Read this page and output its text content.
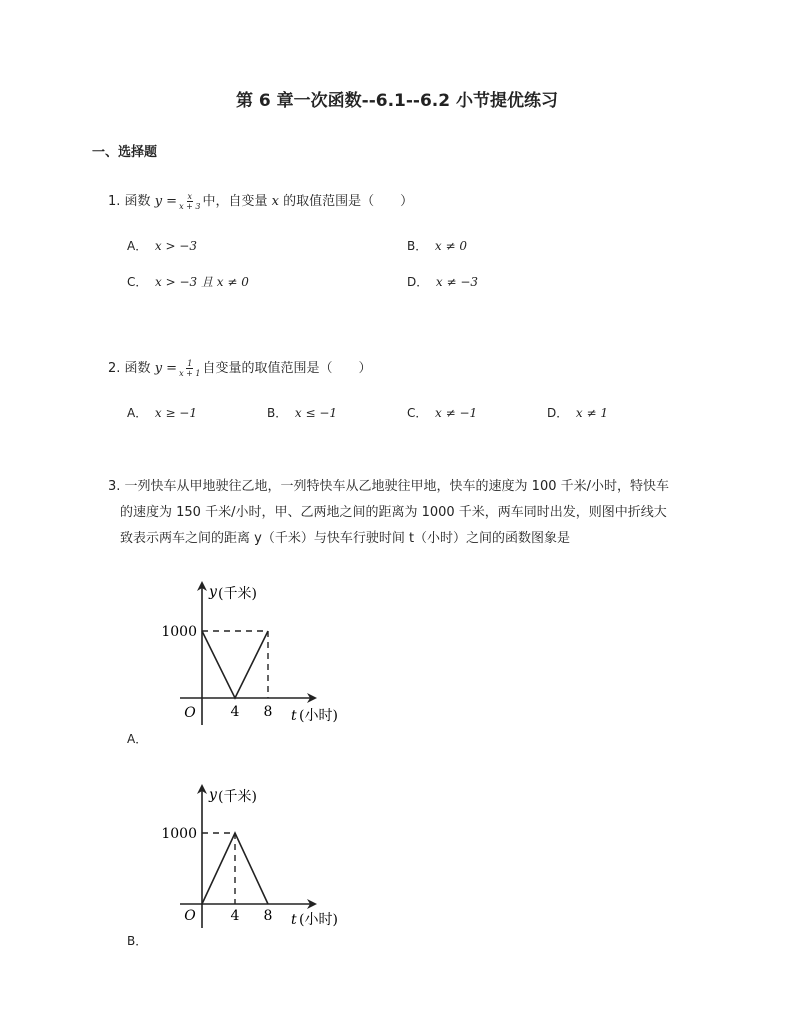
第 6 章一次函数--6.1--6.2 小节提优练习
一、选择题
1. 函数 $y = \frac{x}{x + 3}$ 中，自变量 x 的取值范围是（　　）
A． x > −3	B． x ≠ 0
C． x > −3 且 x ≠ 0	D． x ≠ −3
2. 函数 $y = \frac{1}{x + 1}$ 自变量的取值范围是（　　）
A． x ≥ −1	B． x ≤ −1	C． x ≠ −1	D． x ≠ 1
3. 一列快车从甲地驶往乙地，一列特快车从乙地驶往甲地，快车的速度为 100 千米/小时，特快车
的速度为 150 千米/小时，甲、乙两地之间的距离为 1000 千米，两车同时出发，则图中折线大
致表示两车之间的距离 y（千米）与快车行驶时间 t（小时）之间的函数图象是
y (千米)
1000
O 4 8 t (小时)
A．
y (千米)
1000
O 4 8 t (小时)
B．
